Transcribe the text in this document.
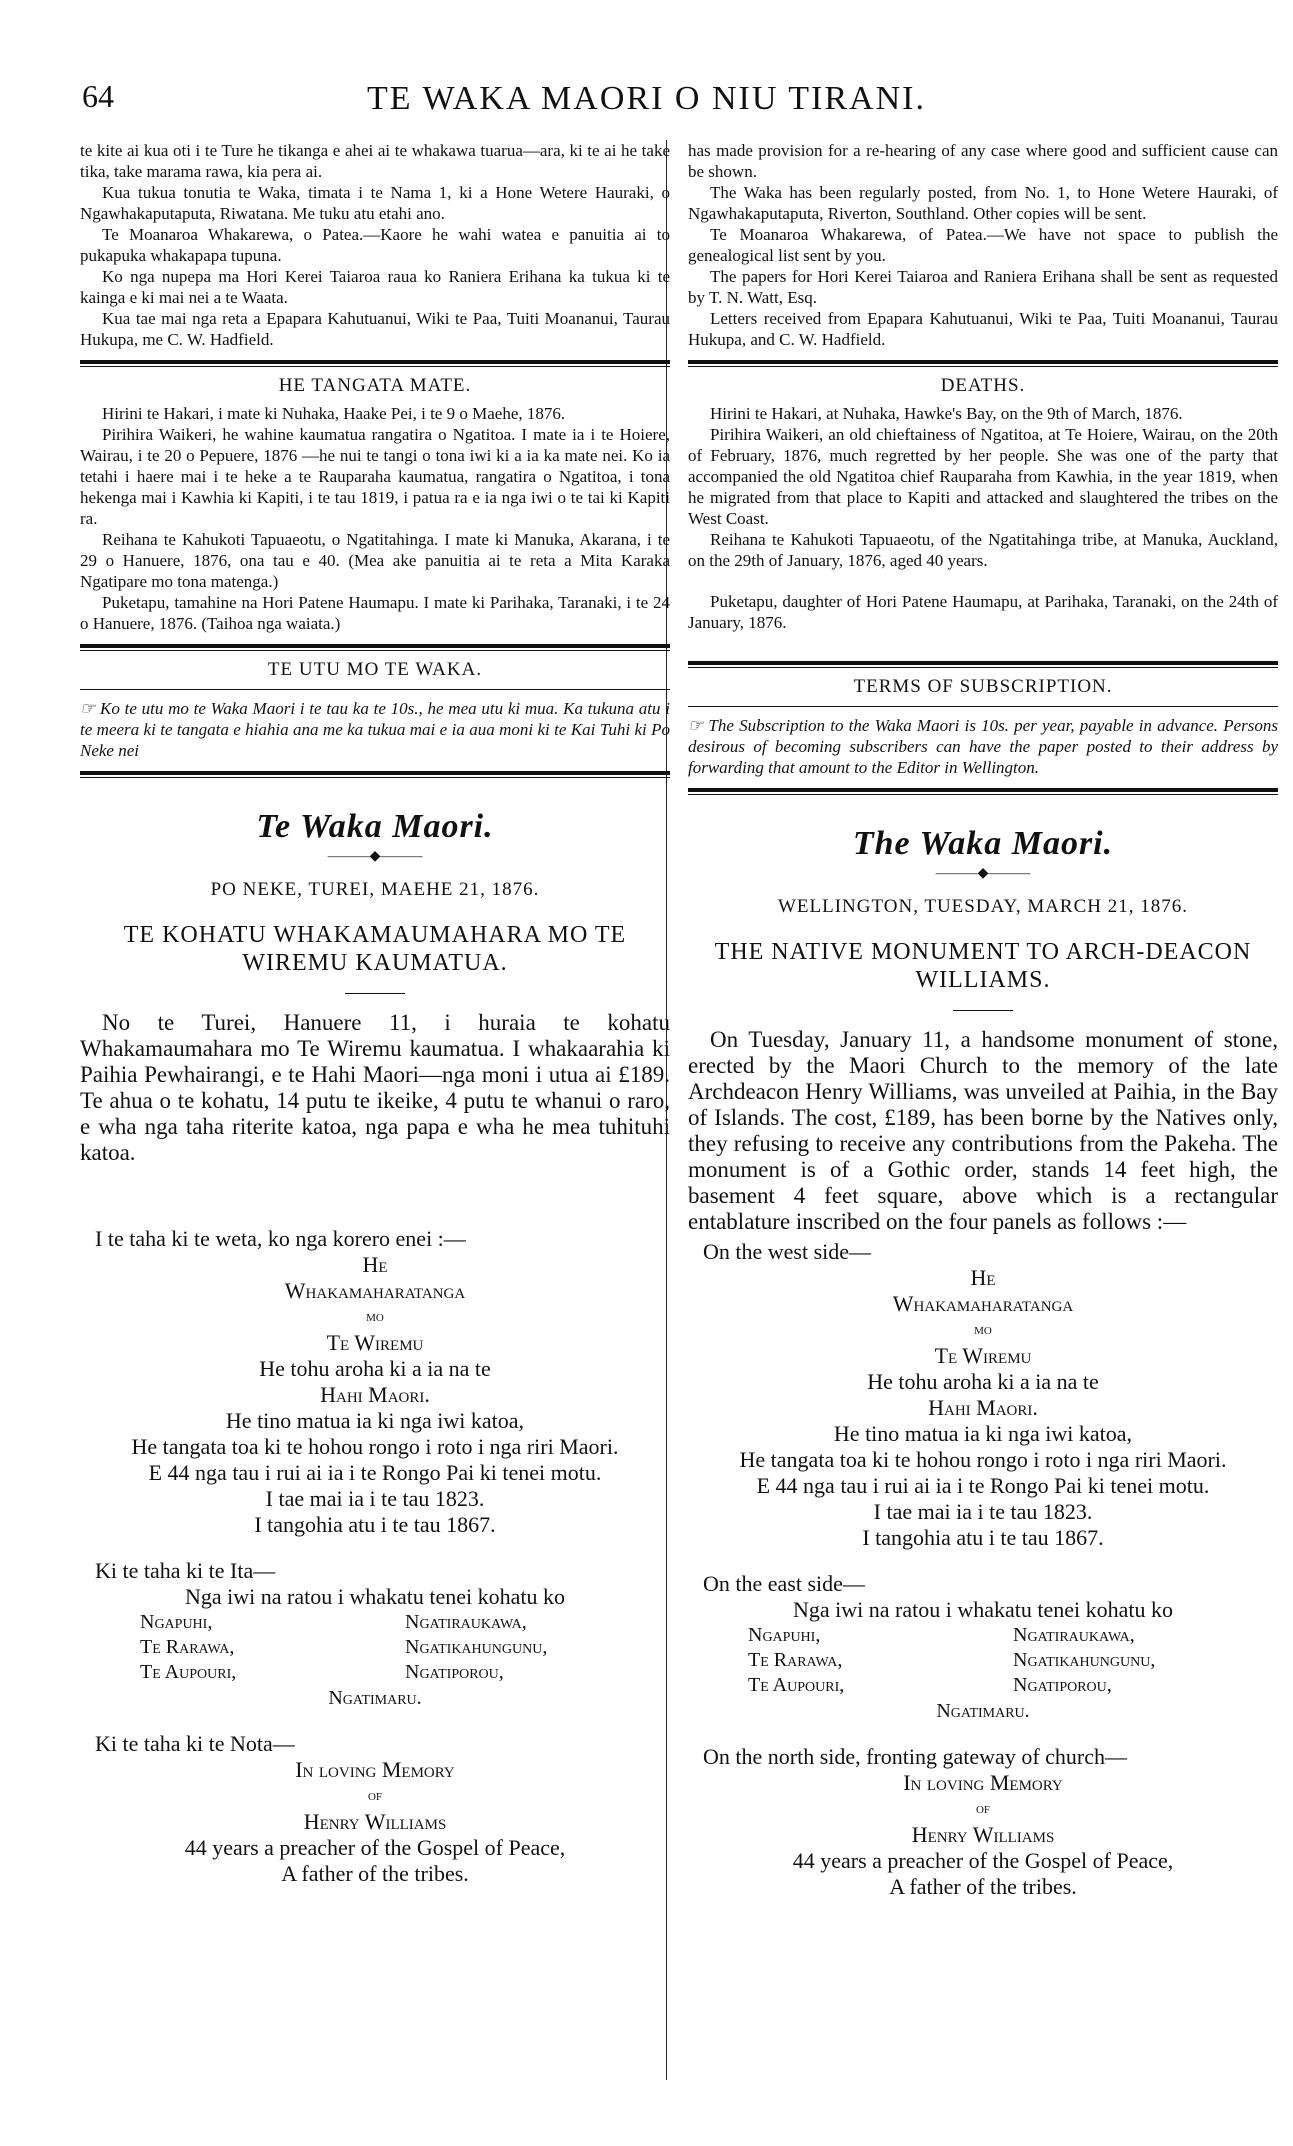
64	TE WAKA MAORI O NIU TIRANI.

te kite ai kua oti i te Ture he tikanga e ahei ai te whakawa tuarua—ara, ki te ai he take tika, take marama rawa, kia pera ai.

Kua tukua tonutia te Waka, timata i te Nama 1, ki a Hone Wetere Hauraki, o Ngawhakaputaputa, Riwatana. Me tuku atu etahi ano.

Te Moanaroa Whakarewa, o Patea.—Kaore he wahi watea e panuitia ai to pukapuka whakapapa tupuna.

Ko nga nupepa ma Hori Kerei Taiaroa raua ko Raniera Erihana ka tukua ki te kainga e ki mai nei a te Waata.

Kua tae mai nga reta a Epapara Kahutuanui, Wiki te Paa, Tuiti Moananui, Taurau Hukupa, me C. W. Hadfield.

HE TANGATA MATE.

Hirini te Hakari, i mate ki Nuhaka, Haake Pei, i te 9 o Maehe, 1876.

Pirihira Waikeri, he wahine kaumatua rangatira o Ngatitoa. I mate ia i te Hoiere, Wairau, i te 20 o Pepuere, 1876 —he nui te tangi o tona iwi ki a ia ka mate nei. Ko ia tetahi i haere mai i te heke a te Rauparaha kaumatua, rangatira o Ngatitoa, i tona hekenga mai i Kawhia ki Kapiti, i te tau 1819, i patua ra e ia nga iwi o te tai ki Kapiti ra.

Reihana te Kahukoti Tapuaeotu, o Ngatitahinga. I mate ki Manuka, Akarana, i te 29 o Hanuere, 1876, ona tau e 40. (Mea ake panuitia ai te reta a Mita Karaka Ngatipare mo tona matenga.)

Puketapu, tamahine na Hori Patene Haumapu. I mate ki Parihaka, Taranaki, i te 24 o Hanuere, 1876. (Taihoa nga waiata.)

TE UTU MO TE WAKA.

☞ Ko te utu mo te Waka Maori i te tau ka te 10s., he mea utu ki mua. Ka tukuna atu i te meera ki te tangata e hiahia ana me ka tukua mai e ia aua moni ki te Kai Tuhi ki Po Neke nei

Te Waka Maori.
———◆———
PO NEKE, TUREI, MAEHE 21, 1876.
TE KOHATU WHAKAMAUMAHARA MO TE WIREMU KAUMATUA.

No te Turei, Hanuere 11, i huraia te kohatu Whakamaumahara mo Te Wiremu kaumatua. I whakaarahia ki Paihia Pewhairangi, e te Hahi Maori—nga moni i utua ai £189. Te ahua o te kohatu, 14 putu te ikeike, 4 putu te whanui o raro, e wha nga taha riterite katoa, nga papa e wha he mea tuhituhi katoa.

I te taha ki te weta, ko nga korero enei :—
He
Whakamaharatanga
mo
Te Wiremu
He tohu aroha ki a ia na te
Hahi Maori.
He tino matua ia ki nga iwi katoa,
He tangata toa ki te hohou rongo i roto i nga riri Maori.
E 44 nga tau i rui ai ia i te Rongo Pai ki tenei motu.
I tae mai ia i te tau 1823.
I tangohia atu i te tau 1867.
Ki te taha ki te Ita—
Nga iwi na ratou i whakatu tenei kohatu ko
Ngapuhi,	Ngatiraukawa,
Te Rarawa,	Ngatikahungunu,
Te Aupouri,	Ngatiporou,
Ngatimaru.
Ki te taha ki te Nota—
In loving Memory
of
Henry Williams
44 years a preacher of the Gospel of Peace,
A father of the tribes.

has made provision for a re-hearing of any case where good and sufficient cause can be shown.

The Waka has been regularly posted, from No. 1, to Hone Wetere Hauraki, of Ngawhakaputaputa, Riverton, Southland. Other copies will be sent.

Te Moanaroa Whakarewa, of Patea.—We have not space to publish the genealogical list sent by you.

The papers for Hori Kerei Taiaroa and Raniera Erihana shall be sent as requested by T. N. Watt, Esq.

Letters received from Epapara Kahutuanui, Wiki te Paa, Tuiti Moananui, Taurau Hukupa, and C. W. Hadfield.

DEATHS.

Hirini te Hakari, at Nuhaka, Hawke's Bay, on the 9th of March, 1876.

Pirihira Waikeri, an old chieftainess of Ngatitoa, at Te Hoiere, Wairau, on the 20th of February, 1876, much regretted by her people. She was one of the party that accompanied the old Ngatitoa chief Rauparaha from Kawhia, in the year 1819, when he migrated from that place to Kapiti and attacked and slaughtered the tribes on the West Coast.

Reihana te Kahukoti Tapuaeotu, of the Ngatitahinga tribe, at Manuka, Auckland, on the 29th of January, 1876, aged 40 years.

Puketapu, daughter of Hori Patene Haumapu, at Parihaka, Taranaki, on the 24th of January, 1876.

TERMS OF SUBSCRIPTION.

☞ The Subscription to the Waka Maori is 10s. per year, payable in advance. Persons desirous of becoming subscribers can have the paper posted to their address by forwarding that amount to the Editor in Wellington.

The Waka Maori.
———◆———
WELLINGTON, TUESDAY, MARCH 21, 1876.
THE NATIVE MONUMENT TO ARCH-DEACON WILLIAMS.

On Tuesday, January 11, a handsome monument of stone, erected by the Maori Church to the memory of the late Archdeacon Henry Williams, was unveiled at Paihia, in the Bay of Islands. The cost, £189, has been borne by the Natives only, they refusing to receive any contributions from the Pakeha. The monument is of a Gothic order, stands 14 feet high, the basement 4 feet square, above which is a rectangular entablature inscribed on the four panels as follows :—

On the west side—
He
Whakamaharatanga
mo
Te Wiremu
He tohu aroha ki a ia na te
Hahi Maori.
He tino matua ia ki nga iwi katoa,
He tangata toa ki te hohou rongo i roto i nga riri Maori.
E 44 nga tau i rui ai ia i te Rongo Pai ki tenei motu.
I tae mai ia i te tau 1823.
I tangohia atu i te tau 1867.
On the east side—
Nga iwi na ratou i whakatu tenei kohatu ko
Ngapuhi,	Ngatiraukawa,
Te Rarawa,	Ngatikahungunu,
Te Aupouri,	Ngatiporou,
Ngatimaru.
On the north side, fronting gateway of church—
In loving Memory
of
Henry Williams
44 years a preacher of the Gospel of Peace,
A father of the tribes.
